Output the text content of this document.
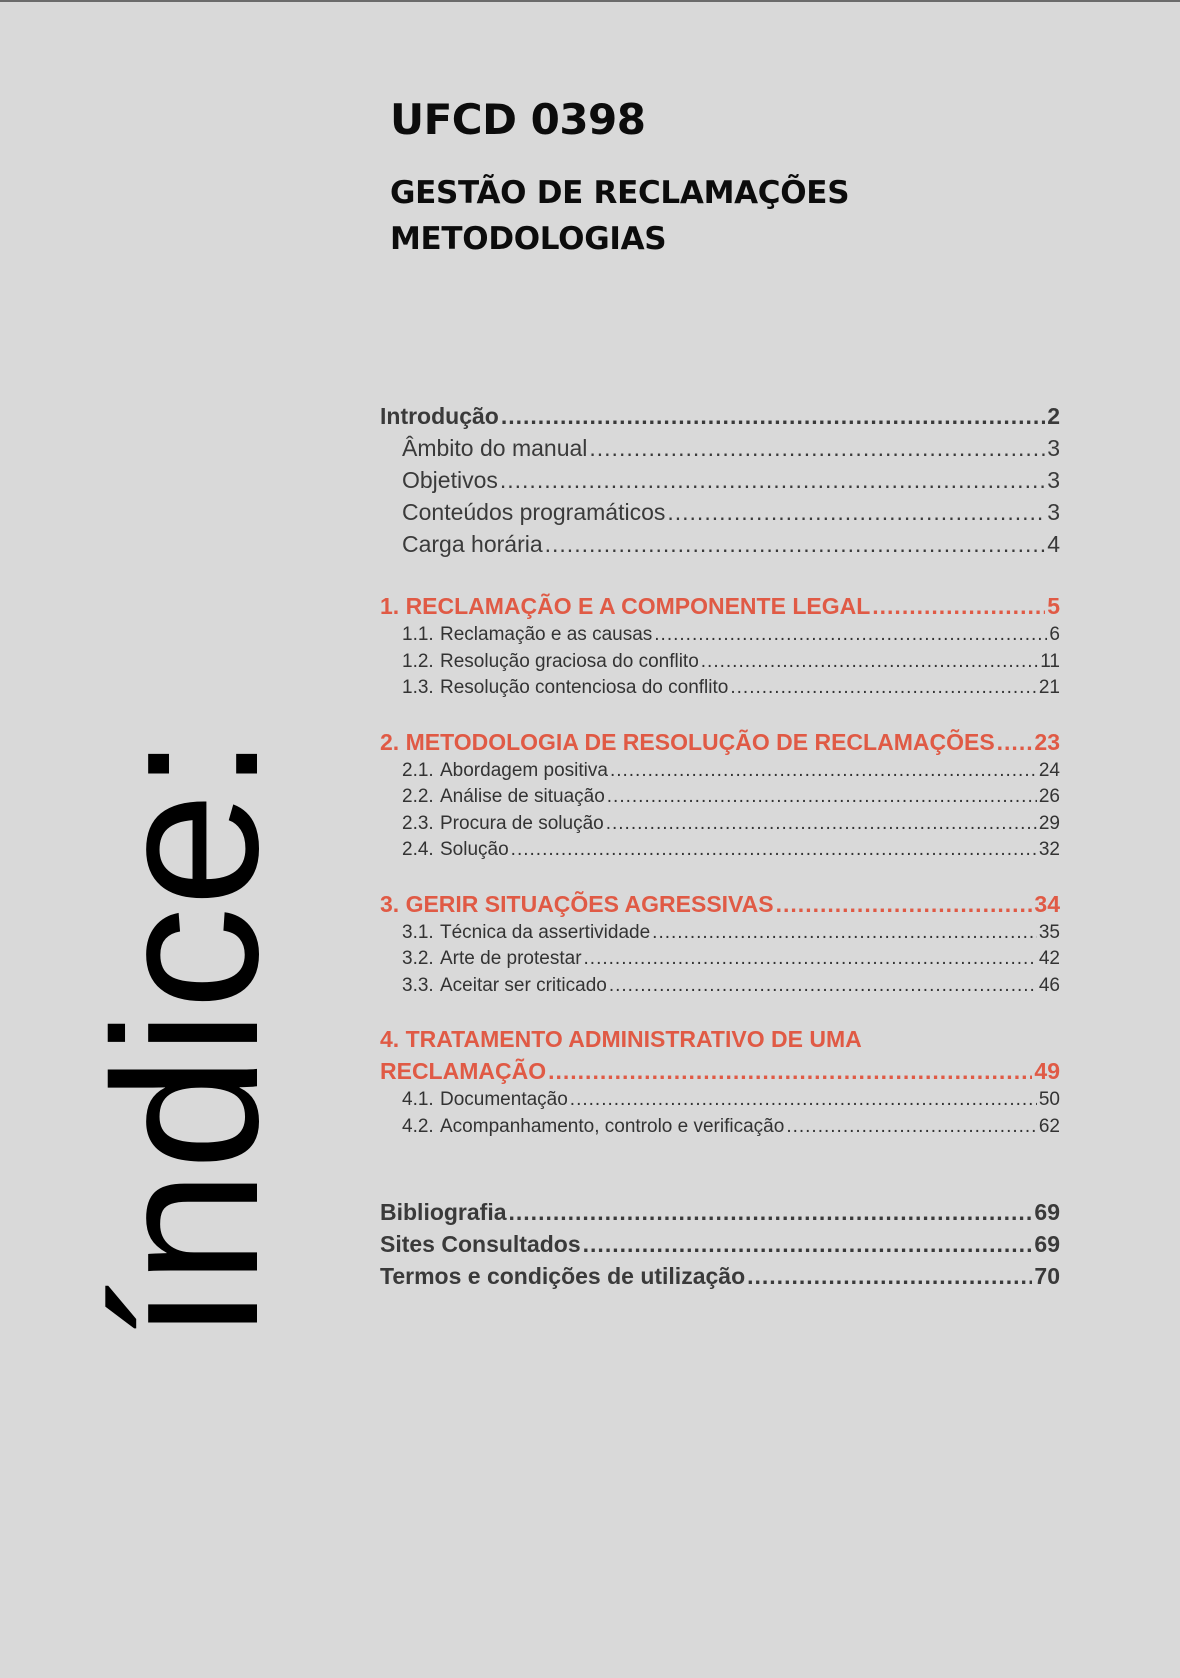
UFCD 0398
GESTÃO DE RECLAMAÇÕES
METODOLOGIAS
índice:
Introdução .....	2
Âmbito do manual .....	3
Objetivos .....	3
Conteúdos programáticos .....	3
Carga horária .....	4
1. RECLAMAÇÃO E A COMPONENTE LEGAL .....	5
1.1. Reclamação e as causas .....	6
1.2. Resolução graciosa do conflito .....	11
1.3. Resolução contenciosa do conflito .....	21
2. METODOLOGIA DE RESOLUÇÃO DE RECLAMAÇÕES ..... 23
2.1. Abordagem positiva .....	24
2.2. Análise de situação .....	26
2.3. Procura de solução .....	29
2.4. Solução .....	32
3. GERIR SITUAÇÕES AGRESSIVAS .....	34
3.1. Técnica da assertividade .....	35
3.2. Arte de protestar .....	42
3.3. Aceitar ser criticado .....	46
4. TRATAMENTO ADMINISTRATIVO DE UMA
RECLAMAÇÃO .....	49
4.1. Documentação .....	50
4.2. Acompanhamento, controlo e verificação .....	62
Bibliografia .....	69
Sites Consultados .....	69
Termos e condições de utilização .....	70
